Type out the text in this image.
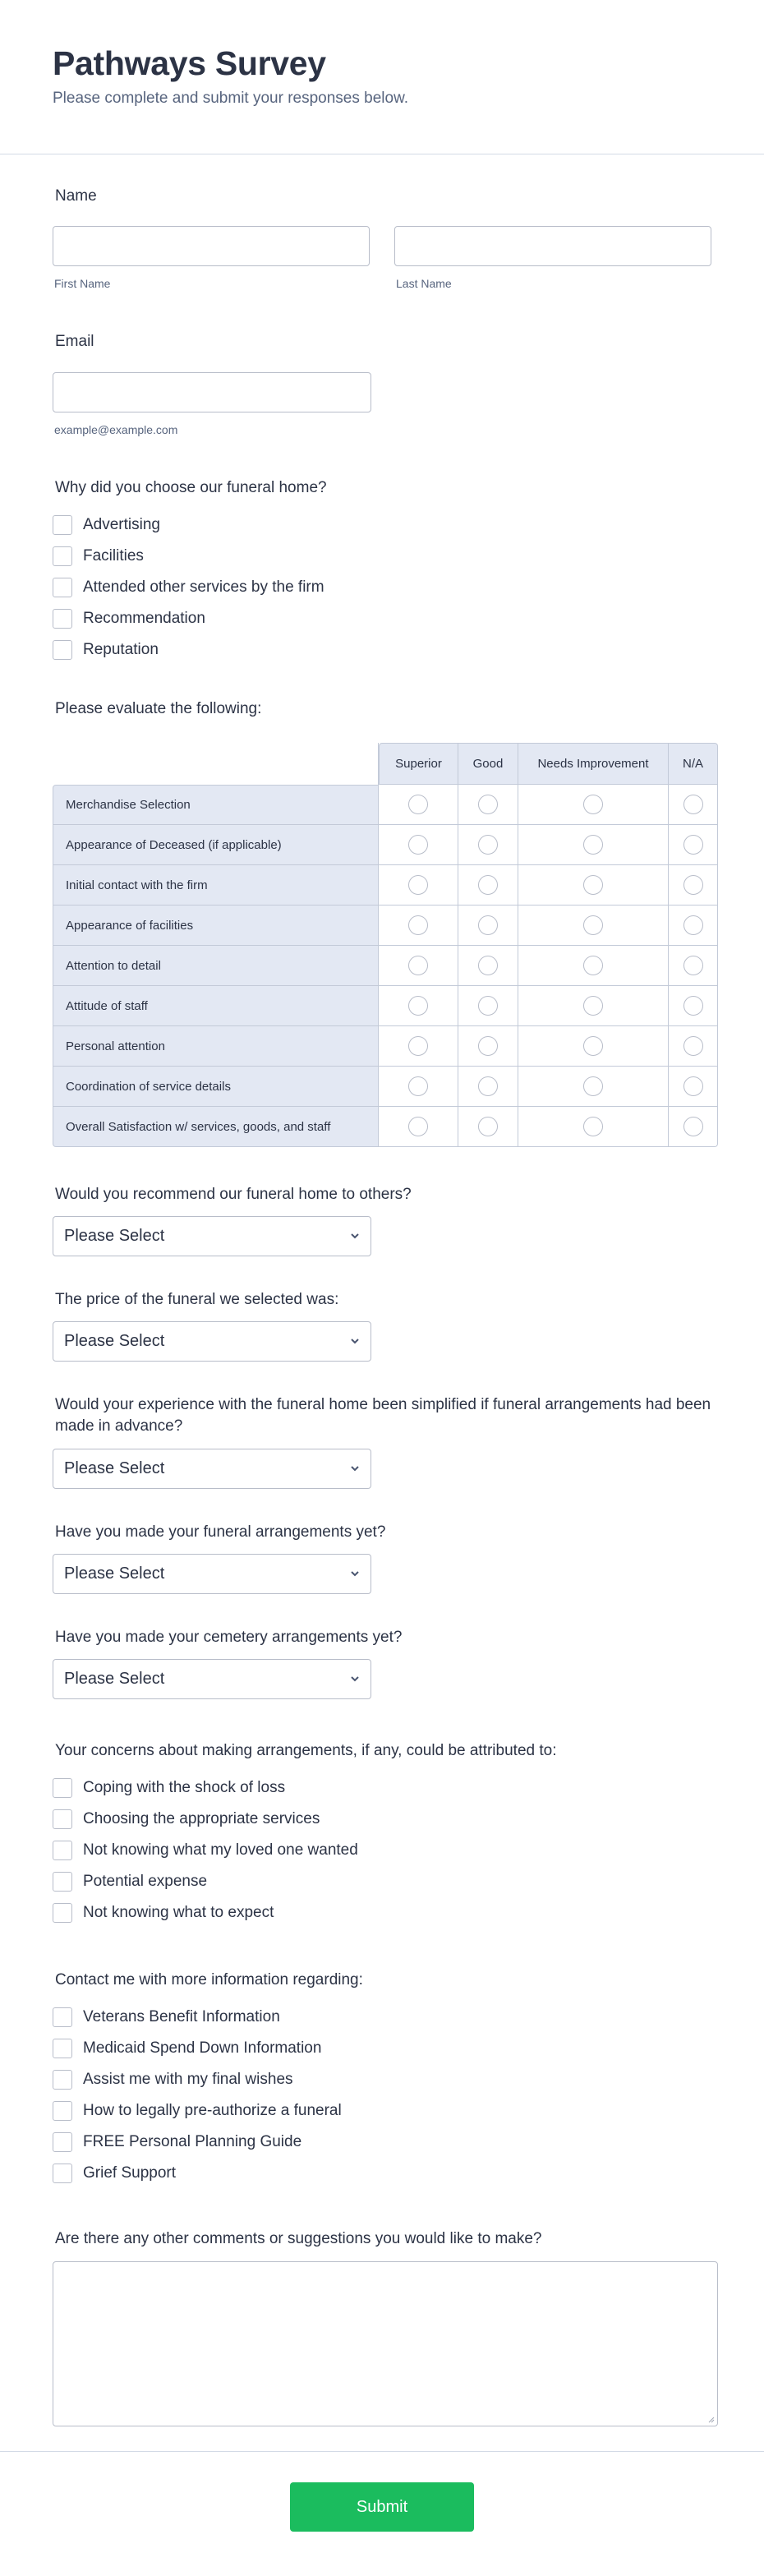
Pathways Survey

Please complete and submit your responses below.

Name
First Name	Last Name
Email
example@example.com
Why did you choose our funeral home?
Advertising
Facilities
Attended other services by the firm
Recommendation
Reputation
Please evaluate the following:
	Superior	Good	Needs Improvement	N/A
Merchandise Selection				
Appearance of Deceased (if applicable)				
Initial contact with the firm				
Appearance of facilities				
Attention to detail				
Attitude of staff				
Personal attention				
Coordination of service details				
Overall Satisfaction w/ services, goods, and staff				
Would you recommend our funeral home to others?
Please Select
The price of the funeral we selected was:
Please Select
Would your experience with the funeral home been simplified if funeral arrangements had been made in advance?
Please Select
Have you made your funeral arrangements yet?
Please Select
Have you made your cemetery arrangements yet?
Please Select
Your concerns about making arrangements, if any, could be attributed to:
Coping with the shock of loss
Choosing the appropriate services
Not knowing what my loved one wanted
Potential expense
Not knowing what to expect
Contact me with more information regarding:
Veterans Benefit Information
Medicaid Spend Down Information
Assist me with my final wishes
How to legally pre-authorize a funeral
FREE Personal Planning Guide
Grief Support
Are there any other comments or suggestions you would like to make?
Submit
